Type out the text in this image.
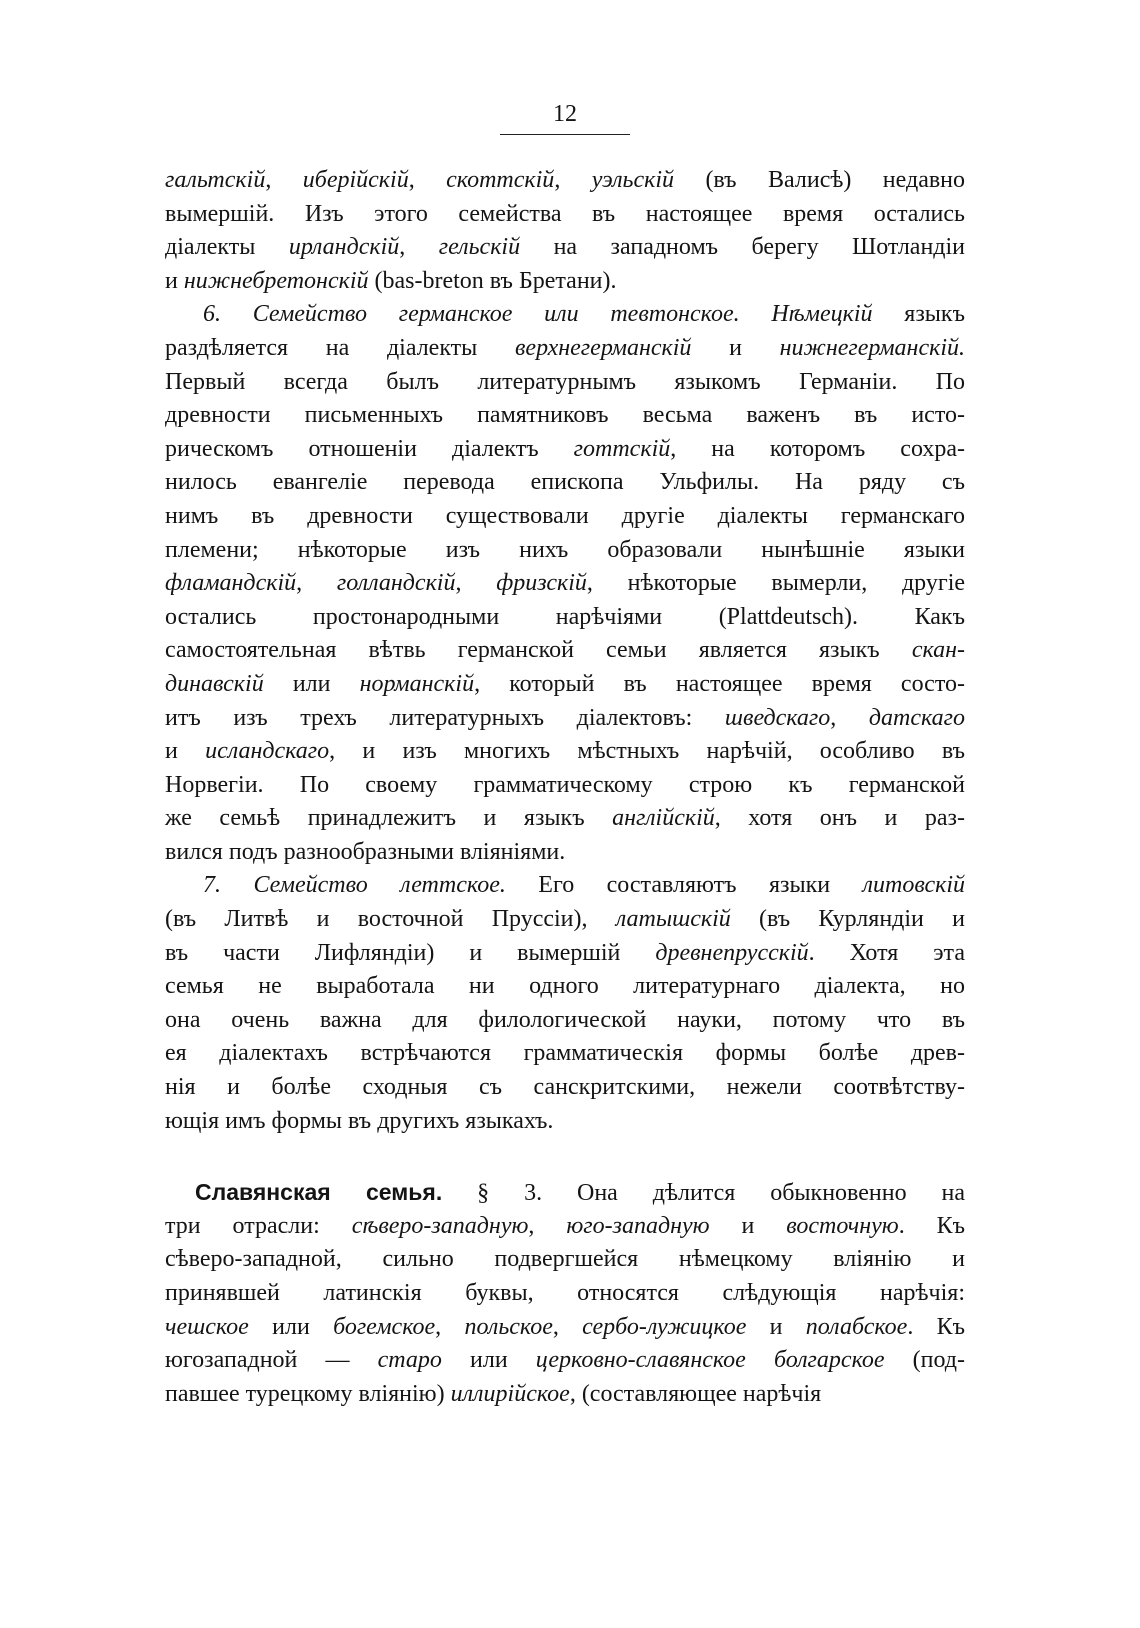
12
гальтскій, иберійскій, скоттскій, уэльскій (въ Валисѣ) недавно
вымершій. Изъ этого семейства въ настоящее время остались
діалекты ирландскій, гельскій на западномъ берегу Шотландіи
и нижнебретонскій (bas-breton въ Бретани).
6. Семейство германское или тевтонское. Нѣмецкій языкъ
раздѣляется на діалекты верхнегерманскій и нижнегерманскій.
Первый всегда былъ литературнымъ языкомъ Германіи. По
древности письменныхъ памятниковъ весьма важенъ въ исто-
рическомъ отношеніи діалектъ готтскій, на которомъ сохра-
нилось евангеліе перевода епископа Ульфилы. На ряду съ
нимъ въ древности существовали другіе діалекты германскаго
племени; нѣкоторые изъ нихъ образовали нынѣшніе языки
фламандскій, голландскій, фризскій, нѣкоторые вымерли, другіе
остались простонародными нарѣчіями (Plattdeutsch). Какъ
самостоятельная вѣтвь германской семьи является языкъ скан-
динавскій или норманскій, который въ настоящее время состо-
итъ изъ трехъ литературныхъ діалектовъ: шведскаго, датскаго
и исландскаго, и изъ многихъ мѣстныхъ нарѣчій, особливо въ
Норвегіи. По своему грамматическому строю къ германской
же семьѣ принадлежитъ и языкъ англійскій, хотя онъ и раз-
вился подъ разнообразными вліяніями.
7. Семейство леттское. Его составляютъ языки литовскій
(въ Литвѣ и восточной Пруссіи), латышскій (въ Курляндіи и
въ части Лифляндіи) и вымершій древнепрусскій. Хотя эта
семья не выработала ни одного литературнаго діалекта, но
она очень важна для филологической науки, потому что въ
ея діалектахъ встрѣчаются грамматическія формы болѣе древ-
нія и болѣе сходныя съ санскритскими, нежели соотвѣтству-
ющія имъ формы въ другихъ языкахъ.
Славянская семья. § 3. Она дѣлится обыкновенно на
три отрасли: сѣверо-западную, юго-западную и восточную. Къ
сѣверо-западной, сильно подвергшейся нѣмецкому вліянію и
принявшей латинскія буквы, относятся слѣдующія нарѣчія:
чешское или богемское, польское, сербо-лужицкое и полабское. Къ
югозападной — старо или церковно-славянское болгарское (под-
павшее турецкому вліянію) иллирійское, (составляющее нарѣчія
